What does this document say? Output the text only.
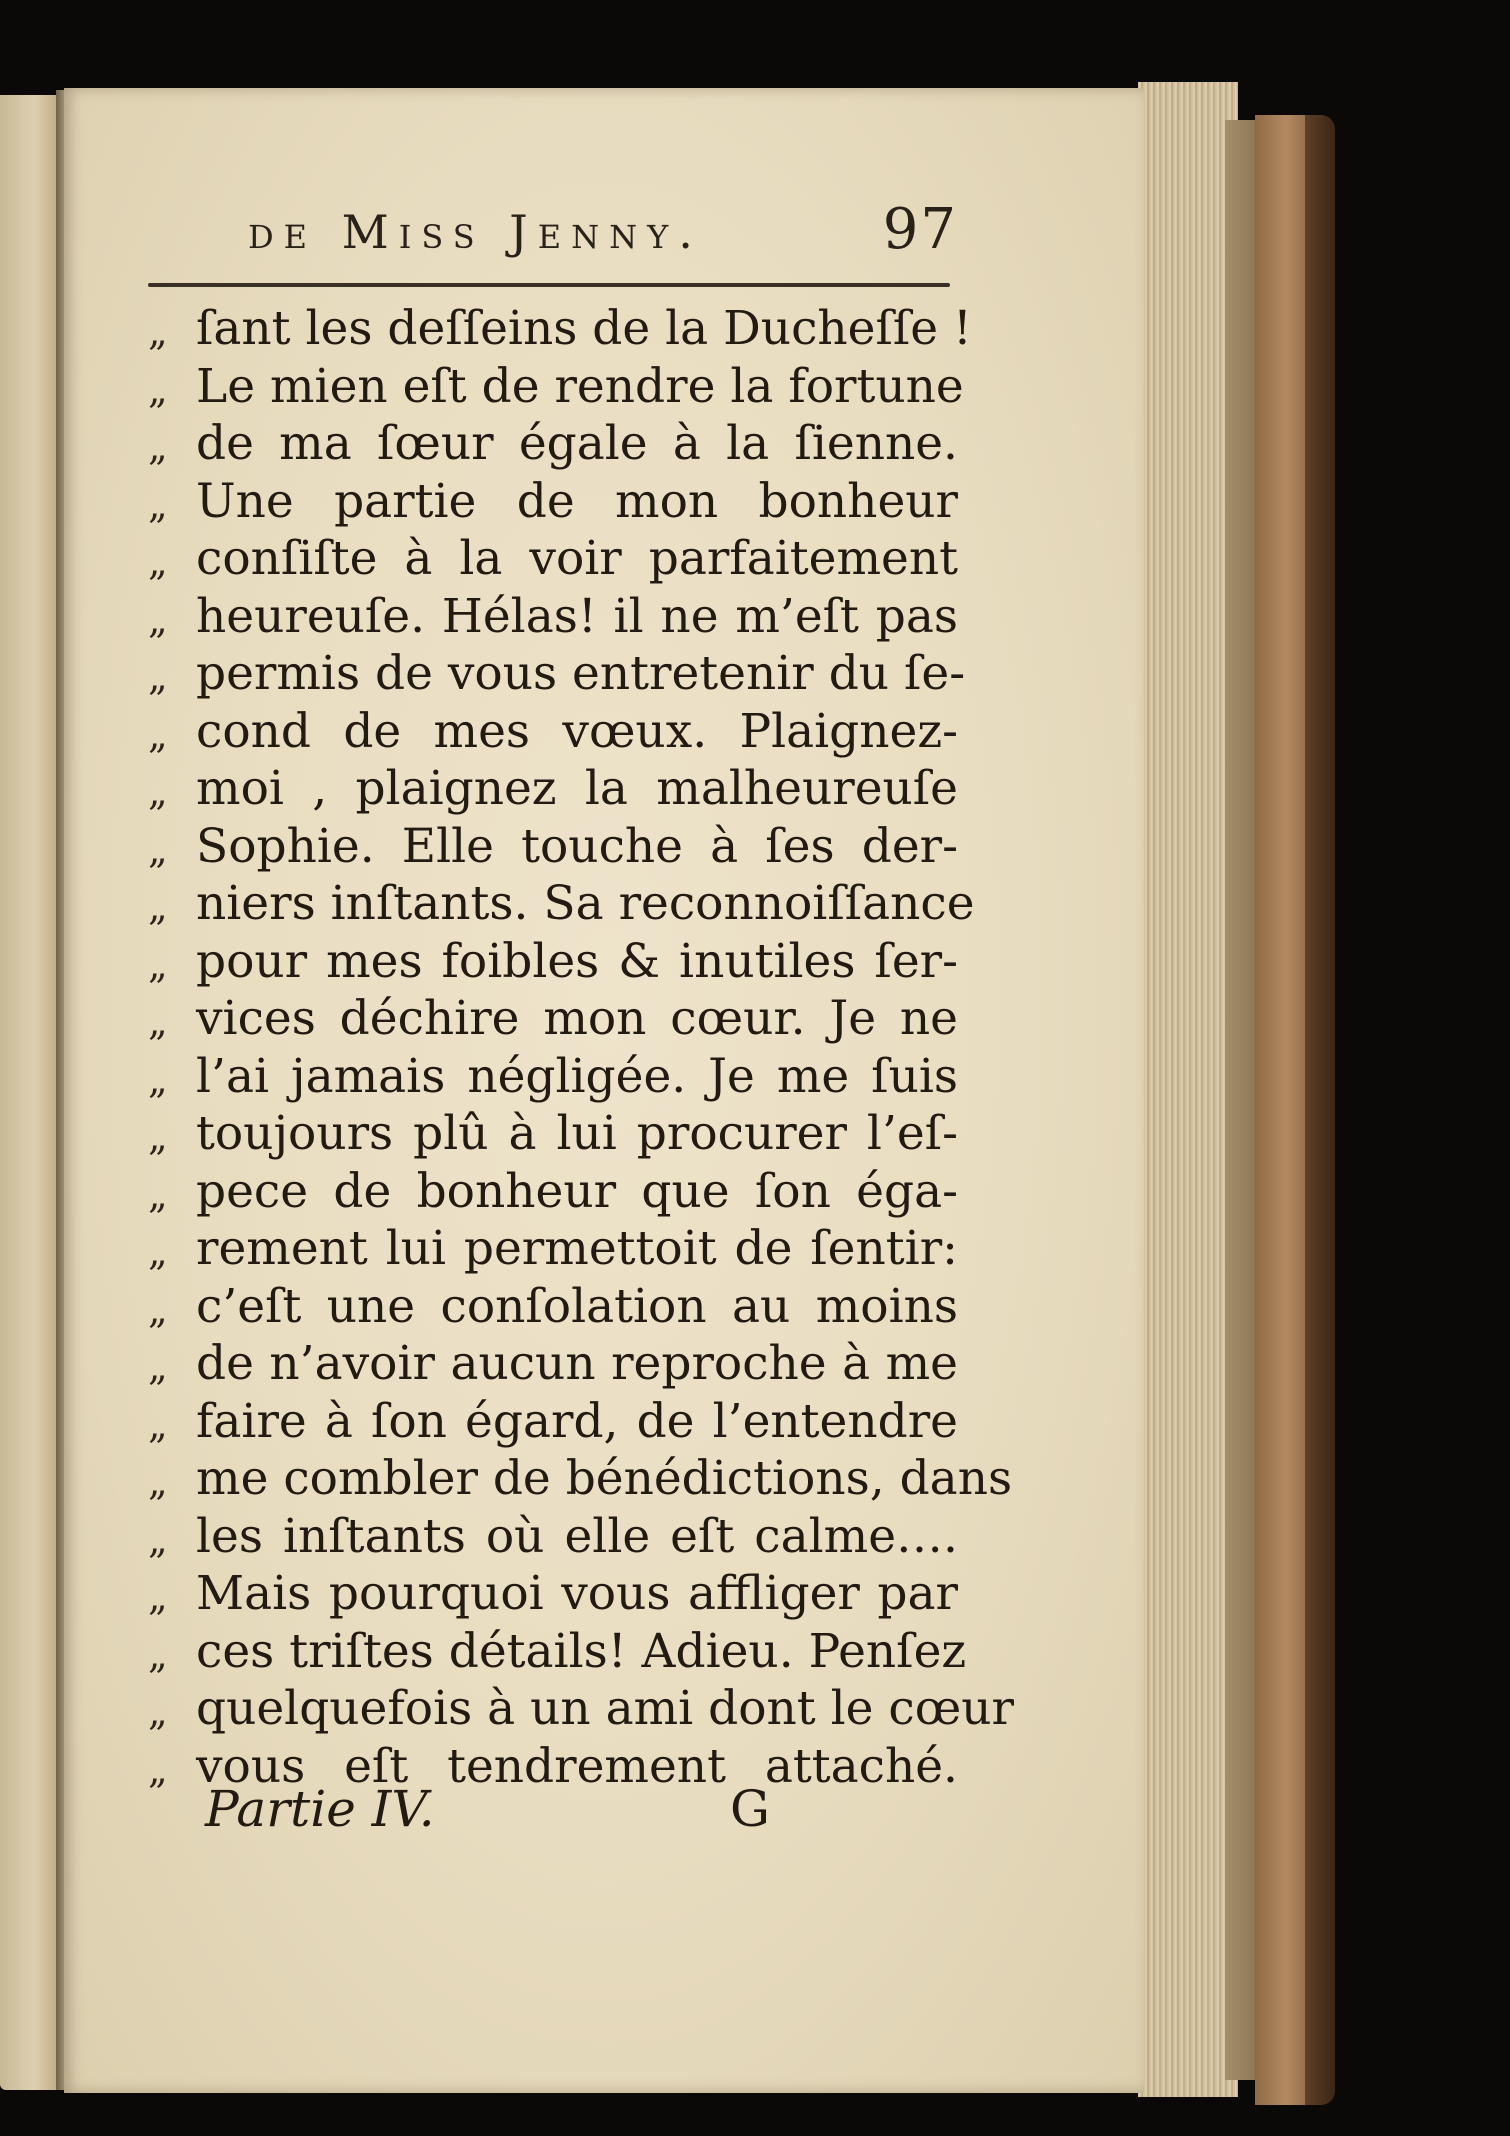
de Miss Jenny.	97
„ ſant les deſſeins de la Ducheſſe !
„ Le mien eſt de rendre la fortune
„ de ma ſœur égale à la ſienne.
„ Une partie de mon bonheur
„ conſiſte à la voir parfaitement
„ heureuſe. Hélas! il ne m’eſt pas
„ permis de vous entretenir du ſe-
„ cond de mes vœux. Plaignez-
„ moi , plaignez la malheureuſe
„ Sophie. Elle touche à ſes der-
„ niers inſtants. Sa reconnoiſſance
„ pour mes foibles & inutiles ſer-
„ vices déchire mon cœur. Je ne
„ l’ai jamais négligée. Je me ſuis
„ toujours plû à lui procurer l’eſ-
„ pece de bonheur que ſon éga-
„ rement lui permettoit de ſentir:
„ c’eſt une conſolation au moins
„ de n’avoir aucun reproche à me
„ faire à ſon égard, de l’entendre
„ me combler de bénédictions, dans
„ les inſtants où elle eſt calme….
„ Mais pourquoi vous affliger par
„ ces triſtes détails! Adieu. Penſez
„ quelquefois à un ami dont le cœur
„ vous eſt tendrement attaché.
Partie IV.	G
